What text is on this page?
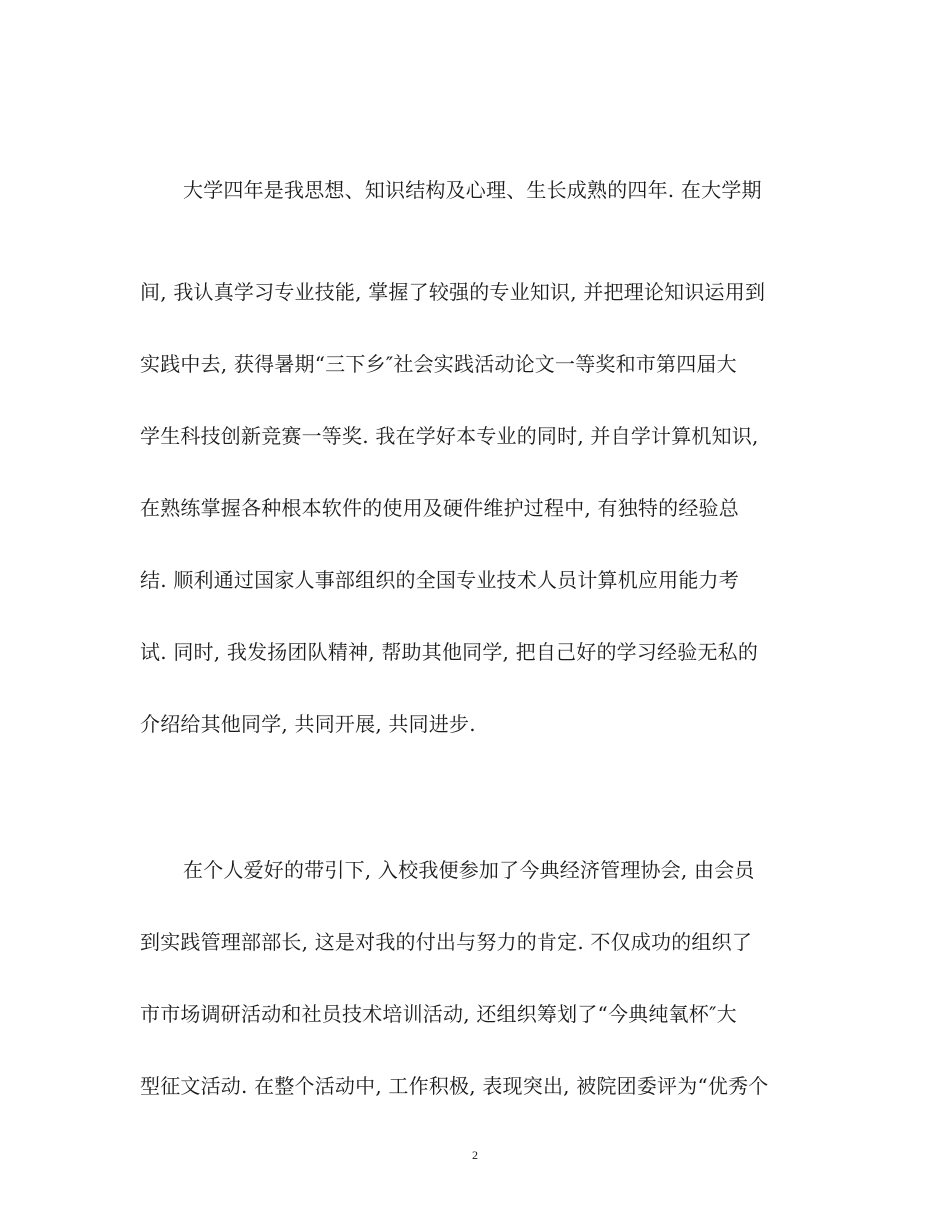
大学四年是我思想、知识结构及心理、生长成熟的四年. 在大学期
间, 我认真学习专业技能, 掌握了较强的专业知识, 并把理论知识运用到
实践中去, 获得暑期“三下乡″社会实践活动论文一等奖和市第四届大
学生科技创新竞赛一等奖. 我在学好本专业的同时, 并自学计算机知识,
在熟练掌握各种根本软件的使用及硬件维护过程中, 有独特的经验总
结. 顺利通过国家人事部组织的全国专业技术人员计算机应用能力考
试. 同时, 我发扬团队精神, 帮助其他同学, 把自己好的学习经验无私的
介绍给其他同学, 共同开展, 共同进步.
在个人爱好的带引下, 入校我便参加了今典经济管理协会, 由会员
到实践管理部部长, 这是对我的付出与努力的肯定. 不仅成功的组织了
市市场调研活动和社员技术培训活动, 还组织筹划了“今典纯氧杯″大
型征文活动. 在整个活动中, 工作积极, 表现突出, 被院团委评为“优秀个
2
